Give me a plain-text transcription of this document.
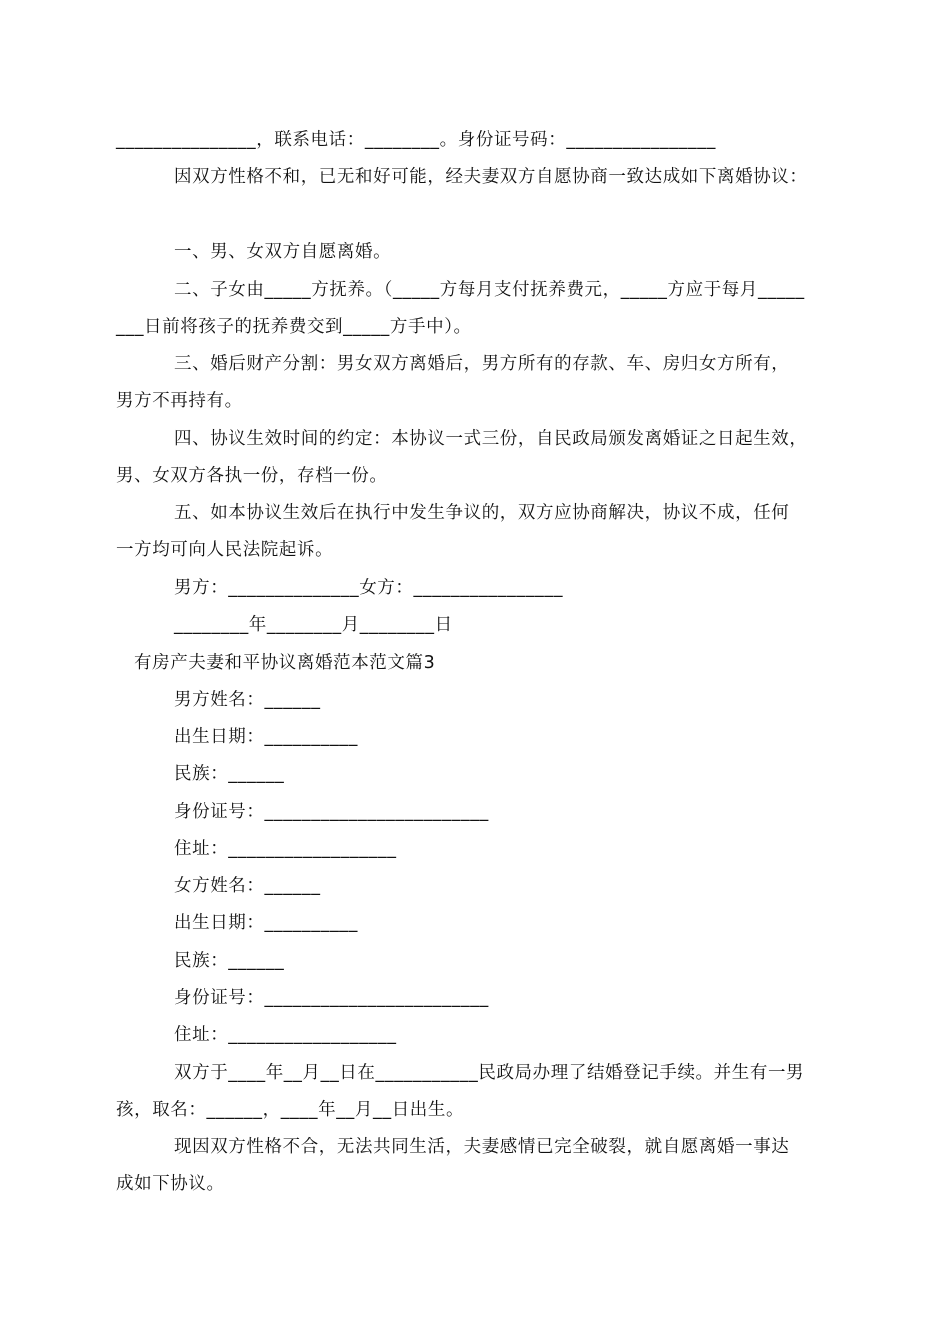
_______________，联系电话：________。身份证号码：________________
因双方性格不和，已无和好可能，经夫妻双方自愿协商一致达成如下离婚协议：
一、男、女双方自愿离婚。
二、子女由_____方抚养。（_____方每月支付抚养费元，_____方应于每月_____
___日前将孩子的抚养费交到_____方手中）。
三、婚后财产分割：男女双方离婚后，男方所有的存款、车、房归女方所有，
男方不再持有。
四、协议生效时间的约定：本协议一式三份，自民政局颁发离婚证之日起生效，
男、女双方各执一份，存档一份。
五、如本协议生效后在执行中发生争议的，双方应协商解决，协议不成，任何
一方均可向人民法院起诉。
男方：______________女方：________________
________年________月________日
有房产夫妻和平协议离婚范本范文篇3
男方姓名：______
出生日期：__________
民族：______
身份证号：________________________
住址：__________________
女方姓名：______
出生日期：__________
民族：______
身份证号：________________________
住址：__________________
双方于____年__月__日在___________民政局办理了结婚登记手续。并生有一男
孩，取名：______，____年__月__日出生。
现因双方性格不合，无法共同生活，夫妻感情已完全破裂，就自愿离婚一事达
成如下协议。
